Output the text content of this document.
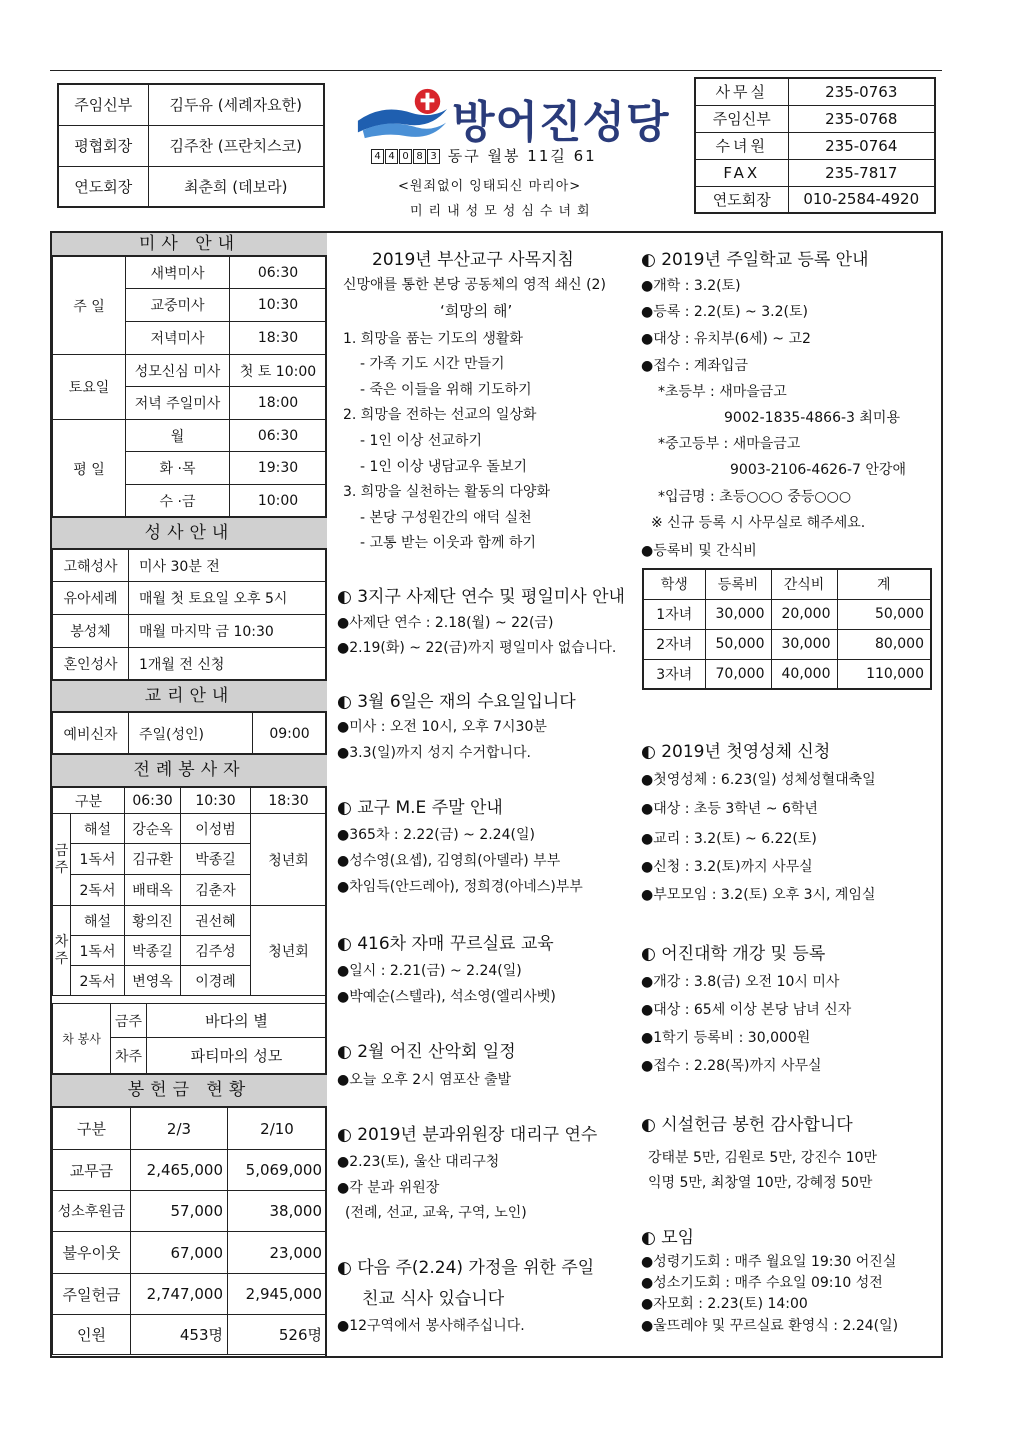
주임신부	김두유 (세례자요한)
평협회장	김주찬 (프란치스코)
연도회장	최춘희 (데보라)
방어진성당
4 4 0 8 3 동구 월봉 11길 61
<원죄없이 잉태되신 마리아>
미리내성모성심수녀회
사무실	235-0763
주임신부	235-0768
수녀원	235-0764
FAX	235-7817
연도회장	010-2584-4920
미사 안내
주 일	새벽미사	06:30
	교중미사	10:30
	저녁미사	18:30
토요일	성모신심 미사	첫 토 10:00
	저녁 주일미사	18:00
평 일	월	06:30
	화 ·목	19:30
	수 ·금	10:00
성사안내
고해성사	미사 30분 전
유아세례	매월 첫 토요일 오후 5시
봉성체	매월 마지막 금 10:30
혼인성사	1개월 전 신청
교리안내
예비신자	주일(성인)	09:00
전례봉사자
구분		06:30	10:30	18:30
금주	해설	강순옥	이성범	청년회
	1독서	김규환	박종길	
	2독서	배태옥	김춘자	
차주	해설	황의진	권선혜	청년회
	1독서	박종길	김주성	
	2독서	변영옥	이경례	
차 봉사	금주	바다의 별
	차주	파티마의 성모
봉헌금 현황
구분	2/3	2/10
교무금	2,465,000	5,069,000
성소후원금	57,000	38,000
불우이웃	67,000	23,000
주일헌금	2,747,000	2,945,000
인원	453명	526명
2019년 부산교구 사목지침
신망애를 통한 본당 공동체의 영적 쇄신 (2)
‘희망의 해’
1. 희망을 품는 기도의 생활화
- 가족 기도 시간 만들기
- 죽은 이들을 위해 기도하기
2. 희망을 전하는 선교의 일상화
- 1인 이상 선교하기
- 1인 이상 냉담교우 돌보기
3. 희망을 실천하는 활동의 다양화
- 본당 구성원간의 애덕 실천
- 고통 받는 이웃과 함께 하기
◐ 3지구 사제단 연수 및 평일미사 안내
●사제단 연수 : 2.18(월) ~ 22(금)
●2.19(화) ~ 22(금)까지 평일미사 없습니다.
◐ 3월 6일은 재의 수요일입니다
●미사 : 오전 10시, 오후 7시30분
●3.3(일)까지 성지 수거합니다.
◐ 교구 M.E 주말 안내
●365차 : 2.22(금) ~ 2.24(일)
●성수영(요셉), 김영희(아델라) 부부
●차임득(안드레아), 정희경(아네스)부부
◐ 416차 자매 꾸르실료 교육
●일시 : 2.21(금) ~ 2.24(일)
●박예순(스텔라), 석소영(엘리사벳)
◐ 2월 어진 산악회 일정
●오늘 오후 2시 염포산 출발
◐ 2019년 분과위원장 대리구 연수
●2.23(토), 울산 대리구청
●각 분과 위원장
(전례, 선교, 교육, 구역, 노인)
◐ 다음 주(2.24) 가정을 위한 주일
친교 식사 있습니다
●12구역에서 봉사해주십니다.
◐ 2019년 주일학교 등록 안내
●개학 : 3.2(토)
●등록 : 2.2(토) ~ 3.2(토)
●대상 : 유치부(6세) ~ 고2
●접수 : 계좌입금
*초등부 : 새마을금고
9002-1835-4866-3 최미용
*중고등부 : 새마을금고
9003-2106-4626-7 안강애
*입금명 : 초등○○○ 중등○○○
※ 신규 등록 시 사무실로 해주세요.
●등록비 및 간식비
학생	등록비	간식비	계
1자녀	30,000	20,000	50,000
2자녀	50,000	30,000	80,000
3자녀	70,000	40,000	110,000
◐ 2019년 첫영성체 신청
●첫영성체 : 6.23(일) 성체성혈대축일
●대상 : 초등 3학년 ~ 6학년
●교리 : 3.2(토) ~ 6.22(토)
●신청 : 3.2(토)까지 사무실
●부모모임 : 3.2(토) 오후 3시, 계임실
◐ 어진대학 개강 및 등록
●개강 : 3.8(금) 오전 10시 미사
●대상 : 65세 이상 본당 남녀 신자
●1학기 등록비 : 30,000원
●접수 : 2.28(목)까지 사무실
◐ 시설헌금 봉헌 감사합니다
강태분 5만, 김원로 5만, 강진수 10만
익명 5만, 최창열 10만, 강혜정 50만
◐ 모임
●성령기도회 : 매주 월요일 19:30 어진실
●성소기도회 : 매주 수요일 09:10 성전
●자모회 : 2.23(토) 14:00
●울뜨레야 및 꾸르실료 환영식 : 2.24(일)
